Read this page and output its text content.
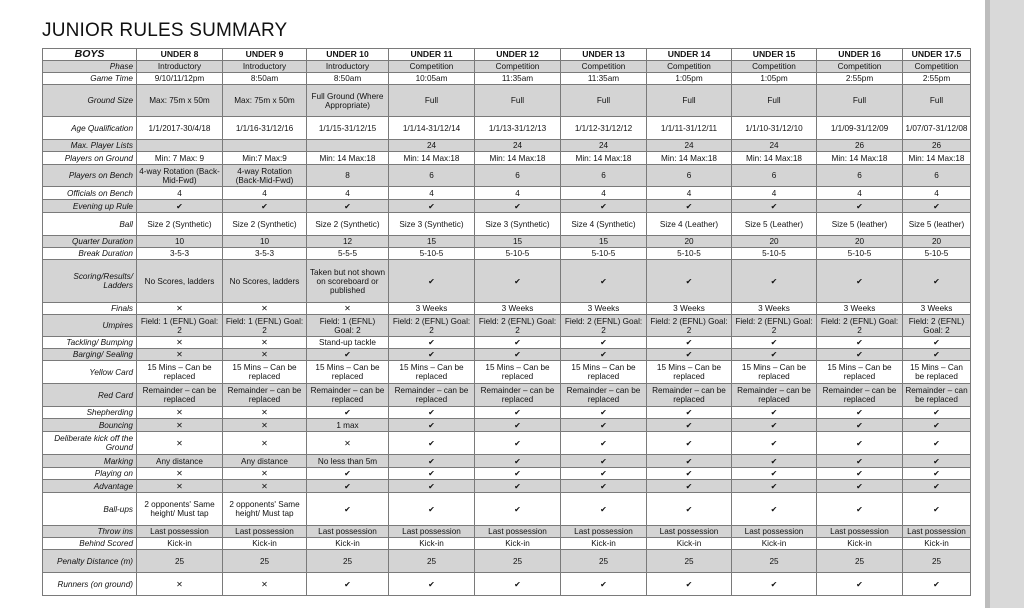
JUNIOR RULES SUMMARY
BOYS	UNDER 8	UNDER 9	UNDER 10	UNDER 11	UNDER 12	UNDER 13	UNDER 14	UNDER 15	UNDER 16	UNDER 17.5
Phase	Introductory	Introductory	Introductory	Competition	Competition	Competition	Competition	Competition	Competition	Competition
Game Time	9/10/11/12pm	8:50am	8:50am	10:05am	11:35am	11:35am	1:05pm	1:05pm	2:55pm	2:55pm
Ground Size	Max: 75m x 50m	Max: 75m x 50m	Full Ground (Where Appropriate)	Full	Full	Full	Full	Full	Full	Full
Age Qualification	1/1/2017-30/4/18	1/1/16-31/12/16	1/1/15-31/12/15	1/1/14-31/12/14	1/1/13-31/12/13	1/1/12-31/12/12	1/1/11-31/12/11	1/1/10-31/12/10	1/1/09-31/12/09	1/07/07-31/12/08
Max. Player Lists				24	24	24	24	24	26	26
Players on Ground	Min: 7 Max: 9	Min:7 Max:9	Min: 14 Max:18	Min: 14 Max:18	Min: 14 Max:18	Min: 14 Max:18	Min: 14 Max:18	Min: 14 Max:18	Min: 14 Max:18	Min: 14 Max:18
Players on Bench	4-way Rotation (Back-Mid-Fwd)	4-way Rotation (Back-Mid-Fwd)	8	6	6	6	6	6	6	6
Officials on Bench	4	4	4	4	4	4	4	4	4	4
Evening up Rule	✔	✔	✔	✔	✔	✔	✔	✔	✔	✔
Ball	Size 2 (Synthetic)	Size 2 (Synthetic)	Size 2 (Synthetic)	Size 3 (Synthetic)	Size 3 (Synthetic)	Size 4 (Synthetic)	Size 4 (Leather)	Size 5 (Leather)	Size 5 (leather)	Size 5 (leather)
Quarter Duration	10	10	12	15	15	15	20	20	20	20
Break Duration	3-5-3	3-5-3	5-5-5	5-10-5	5-10-5	5-10-5	5-10-5	5-10-5	5-10-5	5-10-5
Scoring/Results/ Ladders	No Scores, ladders	No Scores, ladders	Taken but not shown on scoreboard or published	✔	✔	✔	✔	✔	✔	✔
Finals	✕	✕	✕	3 Weeks	3 Weeks	3 Weeks	3 Weeks	3 Weeks	3 Weeks	3 Weeks
Umpires	Field: 1 (EFNL) Goal: 2	Field: 1 (EFNL) Goal: 2	Field: 1 (EFNL) Goal: 2	Field: 2 (EFNL) Goal: 2	Field: 2 (EFNL) Goal: 2	Field: 2 (EFNL) Goal: 2	Field: 2 (EFNL) Goal: 2	Field: 2 (EFNL) Goal: 2	Field: 2 (EFNL) Goal: 2	Field: 2 (EFNL) Goal: 2
Tackling/ Bumping	✕	✕	Stand-up tackle	✔	✔	✔	✔	✔	✔	✔
Barging/ Sealing	✕	✕	✔	✔	✔	✔	✔	✔	✔	✔
Yellow Card	15 Mins – Can be replaced	15 Mins – Can be replaced	15 Mins – Can be replaced	15 Mins – Can be replaced	15 Mins – Can be replaced	15 Mins – Can be replaced	15 Mins – Can be replaced	15 Mins – Can be replaced	15 Mins – Can be replaced	15 Mins – Can be replaced
Red Card	Remainder – can be replaced	Remainder – can be replaced	Remainder – can be replaced	Remainder – can be replaced	Remainder – can be replaced	Remainder – can be replaced	Remainder – can be replaced	Remainder – can be replaced	Remainder – can be replaced	Remainder – can be replaced
Shepherding	✕	✕	✔	✔	✔	✔	✔	✔	✔	✔
Bouncing	✕	✕	1 max	✔	✔	✔	✔	✔	✔	✔
Deliberate kick off the Ground	✕	✕	✕	✔	✔	✔	✔	✔	✔	✔
Marking	Any distance	Any distance	No less than 5m	✔	✔	✔	✔	✔	✔	✔
Playing on	✕	✕	✔	✔	✔	✔	✔	✔	✔	✔
Advantage	✕	✕	✔	✔	✔	✔	✔	✔	✔	✔
Ball-ups	2 opponents' Same height/ Must tap	2 opponents' Same height/ Must tap	✔	✔	✔	✔	✔	✔	✔	✔
Throw ins	Last possession	Last possession	Last possession	Last possession	Last possession	Last possession	Last possession	Last possession	Last possession	Last possession
Behind Scored	Kick-in	Kick-in	Kick-in	Kick-in	Kick-in	Kick-in	Kick-in	Kick-in	Kick-in	Kick-in
Penalty Distance (m)	25	25	25	25	25	25	25	25	25	25
Runners (on ground)	✕	✕	✔	✔	✔	✔	✔	✔	✔	✔
